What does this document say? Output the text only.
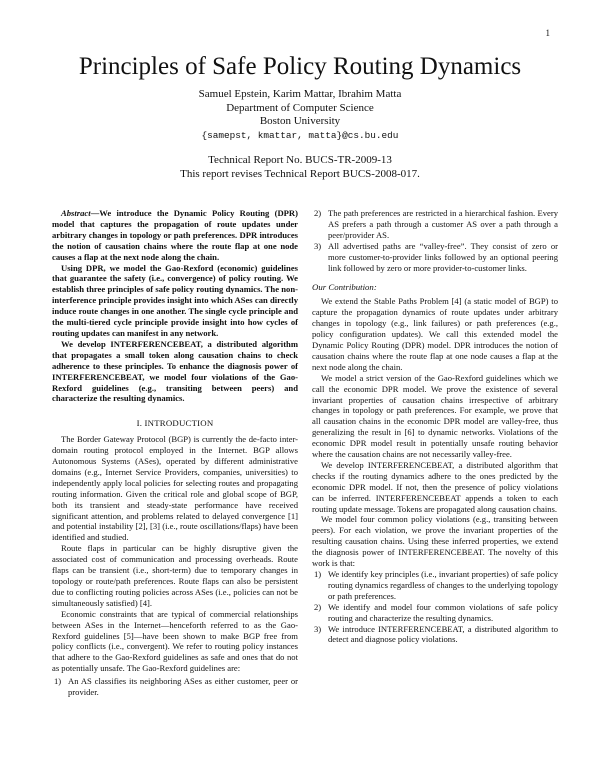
1
Principles of Safe Policy Routing Dynamics
Samuel Epstein, Karim Mattar, Ibrahim Matta
Department of Computer Science
Boston University
{samepst, kmattar, matta}@cs.bu.edu
Technical Report No. BUCS-TR-2009-13
This report revises Technical Report BUCS-2008-017.

Abstract—We introduce the Dynamic Policy Routing (DPR) model that captures the propagation of route updates under arbitrary changes in topology or path preferences. DPR introduces the notion of causation chains where the route flap at one node causes a flap at the next node along the chain.

Using DPR, we model the Gao-Rexford (economic) guidelines that guarantee the safety (i.e., convergence) of policy routing. We establish three principles of safe policy routing dynamics. The non-interference principle provides insight into which ASes can directly induce route changes in one another. The single cycle principle and the multi-tiered cycle principle provide insight into how cycles of routing updates can manifest in any network.

We develop INTERFERENCEBEAT, a distributed algorithm that propagates a small token along causation chains to check adherence to these principles. To enhance the diagnosis power of INTERFERENCEBEAT, we model four violations of the Gao-Rexford guidelines (e.g., transiting between peers) and characterize the resulting dynamics.

I. INTRODUCTION

The Border Gateway Protocol (BGP) is currently the de-facto inter-domain routing protocol employed in the Internet. BGP allows Autonomous Systems (ASes), operated by different administrative domains (e.g., Internet Service Providers, companies, universities) to independently apply local policies for selecting routes and propagating routing information. Given the critical role and global scope of BGP, both its transient and steady-state performance have received significant attention, and problems related to delayed convergence [1] and potential instability [2], [3] (i.e., route oscillations/flaps) have been identified and studied.

Route flaps in particular can be highly disruptive given the associated cost of communication and processing overheads. Route flaps can be transient (i.e., short-term) due to temporary changes in topology or route/path preferences. Route flaps can also be persistent due to conflicting routing policies across ASes (i.e., policies can not be simultaneously satisfied) [4].

Economic constraints that are typical of commercial relationships between ASes in the Internet—henceforth referred to as the Gao-Rexford guidelines [5]—have been shown to make BGP free from policy conflicts (i.e., convergent). We refer to routing policy instances that adhere to the Gao-Rexford guidelines as safe and ones that do not as potentially unsafe. The Gao-Rexford guidelines are:

1) An AS classifies its neighboring ASes as either customer, peer or provider.
2) The path preferences are restricted in a hierarchical fashion. Every AS prefers a path through a customer AS over a path through a peer/provider AS.
3) All advertised paths are “valley-free”. They consist of zero or more customer-to-provider links followed by an optional peering link followed by zero or more provider-to-customer links.
Our Contribution:

We extend the Stable Paths Problem [4] (a static model of BGP) to capture the propagation dynamics of route updates under arbitrary changes in topology (e.g., link failures) or path preferences (e.g., policy configuration updates). We call this extended model the Dynamic Policy Routing (DPR) model. DPR introduces the notion of causation chains where the route flap at one node causes a flap at the next node along the chain.

We model a strict version of the Gao-Rexford guidelines which we call the economic DPR model. We prove the existence of several invariant properties of causation chains irrespective of arbitrary changes in topology or path preferences. For example, we prove that all causation chains in the economic DPR model are valley-free, thus generalizing the result in [6] to dynamic networks. Violations of the economic DPR model result in potentially unsafe routing behavior where the causation chains are not necessarily valley-free.

We develop INTERFERENCEBEAT, a distributed algorithm that checks if the routing dynamics adhere to the ones predicted by the economic DPR model. If not, then the presence of policy violations can be inferred. INTERFERENCEBEAT appends a token to each routing update message. Tokens are propagated along causation chains.

We model four common policy violations (e.g., transiting between peers). For each violation, we prove the invariant properties of the resulting causation chains. Using these inferred properties, we extend the diagnosis power of INTERFERENCEBEAT. The novelty of this work is that:

1) We identify key principles (i.e., invariant properties) of safe policy routing dynamics regardless of changes to the underlying topology or path preferences.
2) We identify and model four common violations of safe policy routing and characterize the resulting dynamics.
3) We introduce INTERFERENCEBEAT, a distributed algorithm to detect and diagnose policy violations.
